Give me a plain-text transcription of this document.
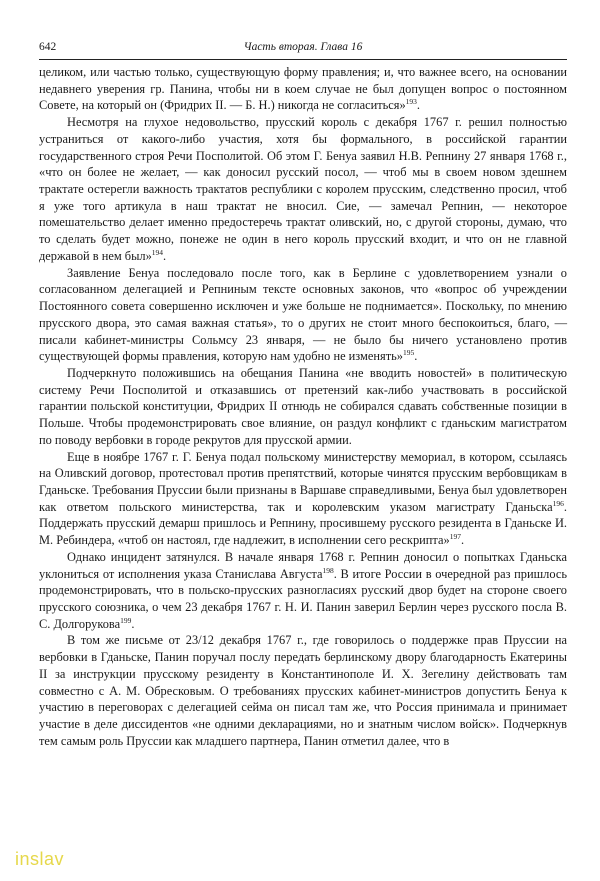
642	Часть вторая. Глава 16

целиком, или частью только, существующую форму правления; и, что важнее всего, на основании недавнего уверения гр. Панина, чтобы ни в коем случае не был допущен вопрос о постоянном Совете, на который он (Фридрих II. — Б. Н.) никогда не согласиться»$^{193}$.

Несмотря на глухое недовольство, прусский король с декабря 1767 г. решил полностью устраниться от какого-либо участия, хотя бы формального, в российской гарантии государственного строя Речи Посполитой. Об этом Г. Бенуа заявил Н.В. Репнину 27 января 1768 г., «что он более не желает, — как доносил русский посол, — чтоб мы в своем новом здешнем трактате остерегли важность трактатов республики с королем прусским, следственно просил, чтоб я уже того артикула в наш трактат не вносил. Сие, — замечал Репнин, — некоторое помешательство делает именно предостеречь трактат оливский, но, с другой стороны, думаю, что то сделать будет можно, понеже не один в него король прусский входит, и что он не главной державой в нем был»$^{194}$.

Заявление Бенуа последовало после того, как в Берлине с удовлетворением узнали о согласованном делегацией и Репниным тексте основных законов, что «вопрос об учреждении Постоянного совета совершенно исключен и уже больше не поднимается». Поскольку, по мнению прусского двора, это самая важная статья», то о других не стоит много беспокоиться, благо, — писали кабинет-министры Сольмсу 23 января, — не было бы ничего установлено против существующей формы правления, которую нам удобно не изменять»$^{195}$.

Подчеркнуто положившись на обещания Панина «не вводить новостей» в политическую систему Речи Посполитой и отказавшись от претензий как-либо участвовать в российской гарантии польской конституции, Фридрих II отнюдь не собирался сдавать собственные позиции в Польше. Чтобы продемонстрировать свое влияние, он раздул конфликт с гданьским магистратом по поводу вербовки в городе рекрутов для прусской армии.

Еще в ноябре 1767 г. Г. Бенуа подал польскому министерству мемориал, в котором, ссылаясь на Оливский договор, протестовал против препятствий, которые чинятся прусским вербовщикам в Гданьске. Требования Пруссии были признаны в Варшаве справедливыми, Бенуа был удовлетворен как ответом польского министерства, так и королевским указом магистрату Гданьска$^{196}$. Поддержать прусский демарш пришлось и Репнину, просившему русского резидента в Гданьске И. М. Ребиндера, «чтоб он настоял, где надлежит, в исполнении сего рескрипта»$^{197}$.

Однако инцидент затянулся. В начале января 1768 г. Репнин доносил о попытках Гданьска уклониться от исполнения указа Станислава Августа$^{198}$. В итоге России в очередной раз пришлось продемонстрировать, что в польско-прусских разногласиях русский двор будет на стороне своего прусского союзника, о чем 23 декабря 1767 г. Н. И. Панин заверил Берлин через русского посла В. С. Долгорукова$^{199}$.

В том же письме от 23/12 декабря 1767 г., где говорилось о поддержке прав Пруссии на вербовки в Гданьске, Панин поручал послу передать берлинскому двору благодарность Екатерины II за инструкции прусскому резиденту в Константинополе И. Х. Зегелину действовать там совместно с А. М. Обресковым. О требованиях прусских кабинет-министров допустить Бенуа к участию в переговорах с делегацией сейма он писал там же, что Россия принимала и принимает участие в деле диссидентов «не одними декларациями, но и знатным числом войск». Подчеркнув тем самым роль Пруссии как младшего партнера, Панин отметил далее, что в

inslav
